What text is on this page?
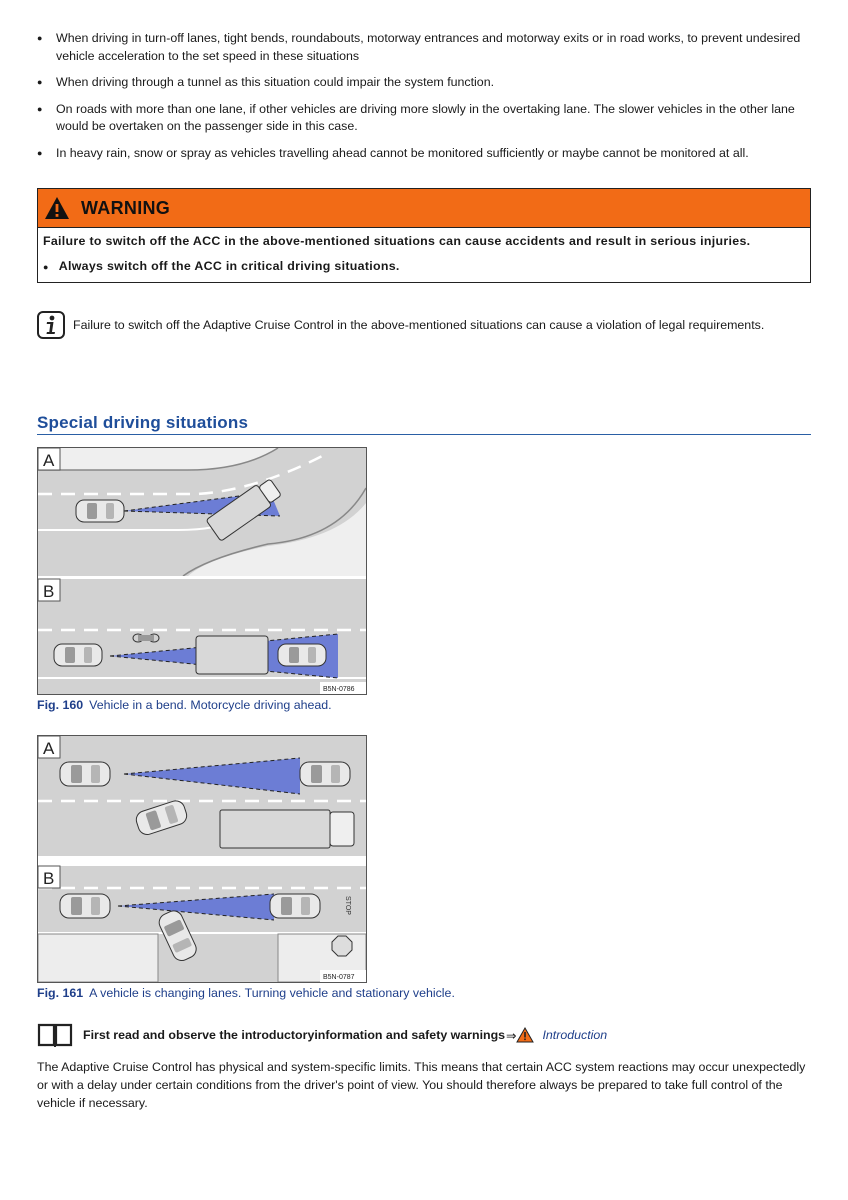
● When driving in turn-off lanes, tight bends, roundabouts, motorway entrances and motorway exits or in road works, to prevent undesired vehicle acceleration to the set speed in these situations
● When driving through a tunnel as this situation could impair the system function.
● On roads with more than one lane, if other vehicles are driving more slowly in the overtaking lane. The slower vehicles in the other lane would be overtaken on the passenger side in this case.
● In heavy rain, snow or spray as vehicles travelling ahead cannot be monitored sufficiently or maybe cannot be monitored at all.
WARNING
Failure to switch off the ACC in the above-mentioned situations can cause accidents and result in serious injuries.
● Always switch off the ACC in critical driving situations.
Failure to switch off the Adaptive Cruise Control in the above-mentioned situations can cause a violation of legal requirements.
Special driving situations
A
B
B5N-0786
Fig. 160 Vehicle in a bend. Motorcycle driving ahead.
A
STOP
B
B5N-0787
Fig. 161 A vehicle is changing lanes. Turning vehicle and stationary vehicle.
First read and observe the introductoryinformation and safety warnings ⇒ Introduction
The Adaptive Cruise Control has physical and system-specific limits. This means that certain ACC system reactions may occur unexpectedly or with a delay under certain conditions from the driver's point of view. You should therefore always be prepared to take full control of the vehicle if necessary.
